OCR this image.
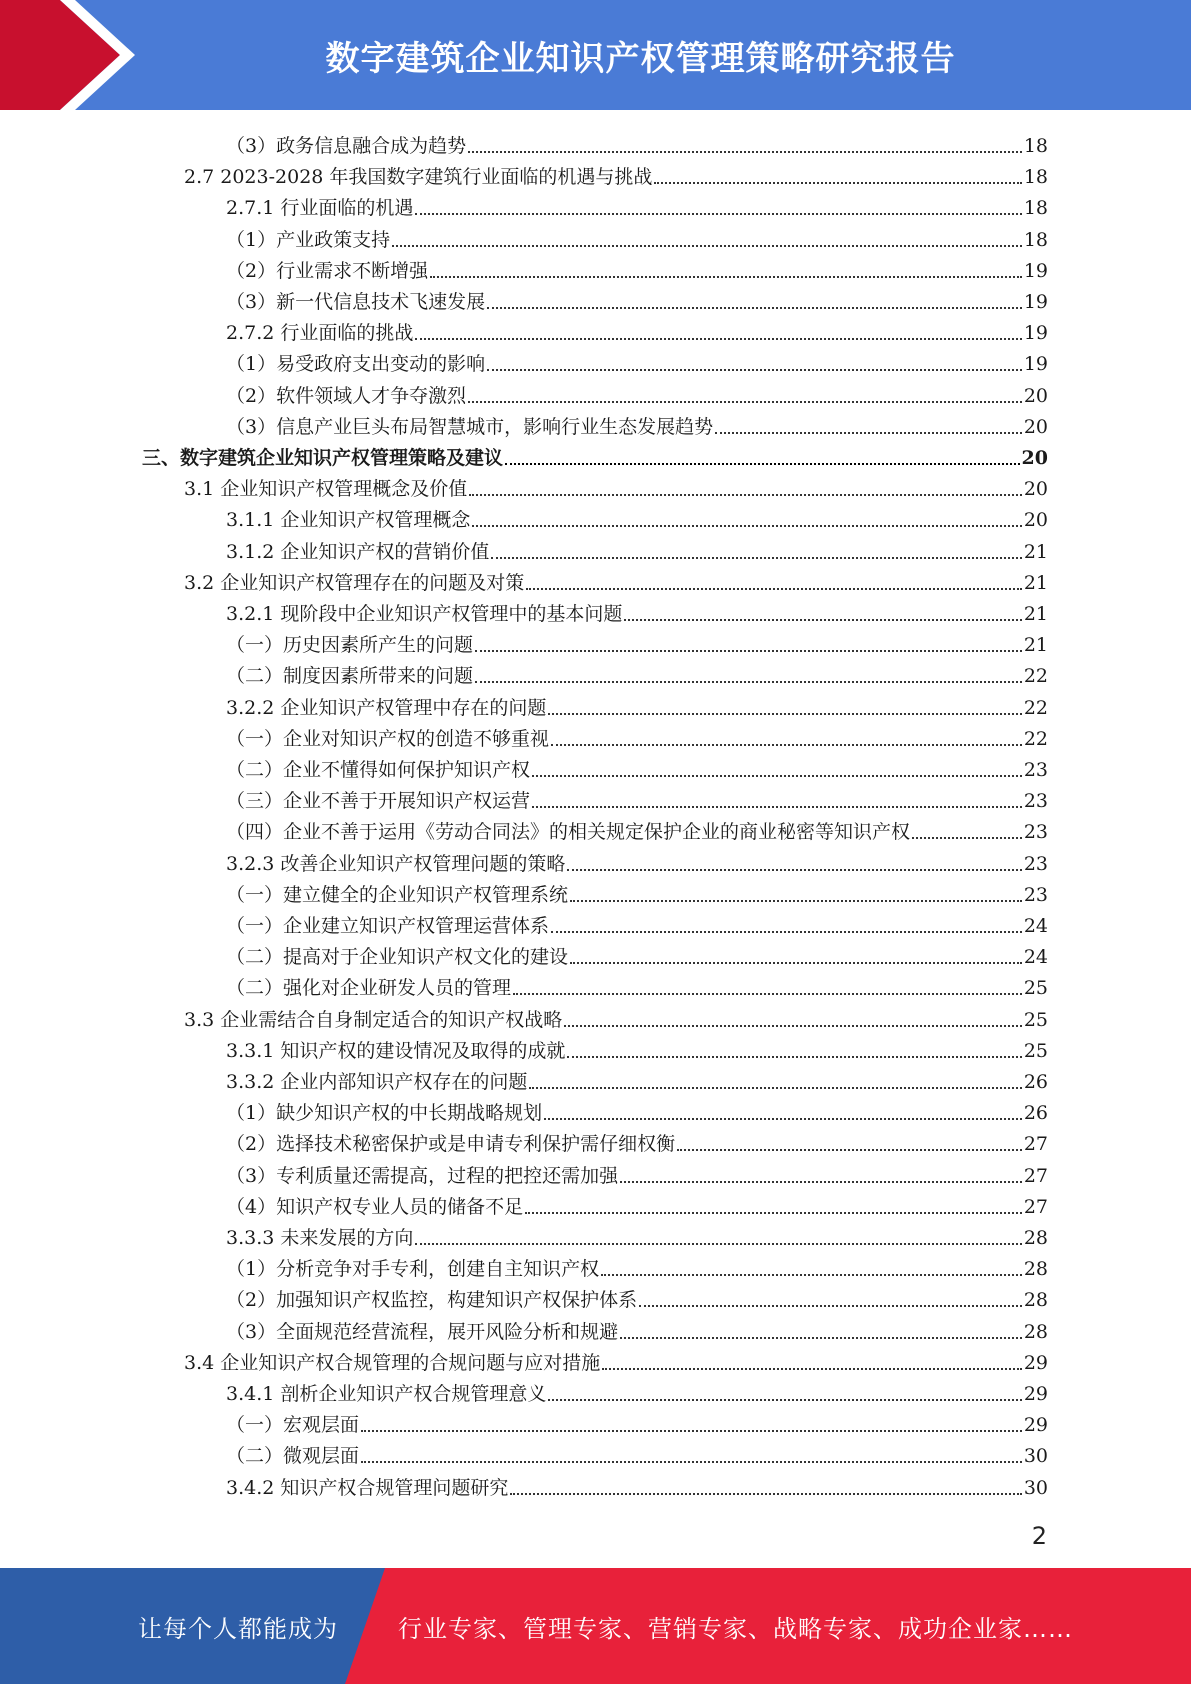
数字建筑企业知识产权管理策略研究报告
（3）政务信息融合成为趋势	18
2.7 2023-2028 年我国数字建筑行业面临的机遇与挑战	18
2.7.1 行业面临的机遇	18
（1）产业政策支持	18
（2）行业需求不断增强	19
（3）新一代信息技术飞速发展	19
2.7.2 行业面临的挑战	19
（1）易受政府支出变动的影响	19
（2）软件领域人才争夺激烈	20
（3）信息产业巨头布局智慧城市，影响行业生态发展趋势	20
三、数字建筑企业知识产权管理策略及建议	20
3.1 企业知识产权管理概念及价值	20
3.1.1 企业知识产权管理概念	20
3.1.2 企业知识产权的营销价值	21
3.2 企业知识产权管理存在的问题及对策	21
3.2.1 现阶段中企业知识产权管理中的基本问题	21
（一）历史因素所产生的问题	21
（二）制度因素所带来的问题	22
3.2.2 企业知识产权管理中存在的问题	22
（一）企业对知识产权的创造不够重视	22
（二）企业不懂得如何保护知识产权	23
（三）企业不善于开展知识产权运营	23
（四）企业不善于运用《劳动合同法》的相关规定保护企业的商业秘密等知识产权	23
3.2.3 改善企业知识产权管理问题的策略	23
（一）建立健全的企业知识产权管理系统	23
（一）企业建立知识产权管理运营体系	24
（二）提高对于企业知识产权文化的建设	24
（二）强化对企业研发人员的管理	25
3.3 企业需结合自身制定适合的知识产权战略	25
3.3.1 知识产权的建设情况及取得的成就	25
3.3.2 企业内部知识产权存在的问题	26
（1）缺少知识产权的中长期战略规划	26
（2）选择技术秘密保护或是申请专利保护需仔细权衡	27
（3）专利质量还需提高，过程的把控还需加强	27
（4）知识产权专业人员的储备不足	27
3.3.3 未来发展的方向	28
（1）分析竞争对手专利，创建自主知识产权	28
（2）加强知识产权监控，构建知识产权保护体系	28
（3）全面规范经营流程，展开风险分析和规避	28
3.4 企业知识产权合规管理的合规问题与应对措施	29
3.4.1 剖析企业知识产权合规管理意义	29
（一）宏观层面	29
（二）微观层面	30
3.4.2 知识产权合规管理问题研究	30
2
让每个人都能成为	行业专家、管理专家、营销专家、战略专家、成功企业家……
